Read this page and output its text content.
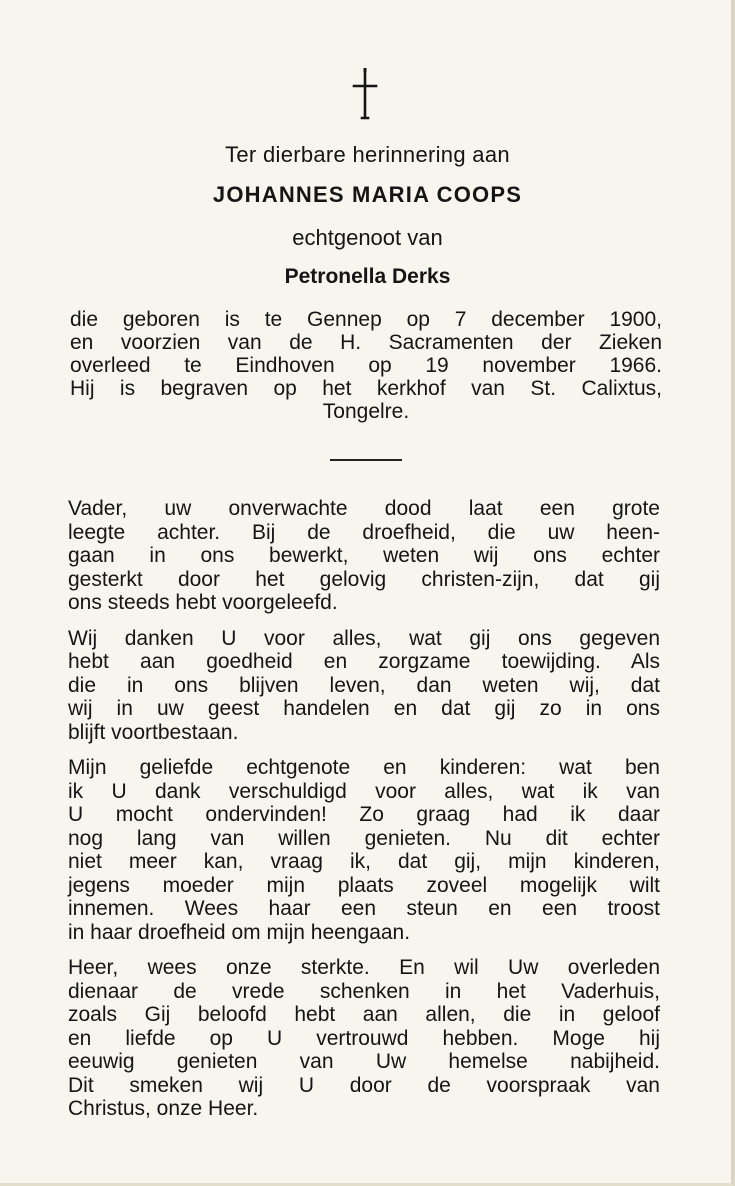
Ter dierbare herinnering aan
JOHANNES MARIA COOPS
echtgenoot van
Petronella Derks
die geboren is te Gennep op 7 december 1900,
en voorzien van de H. Sacramenten der Zieken
overleed te Eindhoven op 19 november 1966.
Hij is begraven op het kerkhof van St. Calixtus,
Tongelre.
Vader, uw onverwachte dood laat een grote
leegte achter. Bij de droefheid, die uw heen-
gaan in ons bewerkt, weten wij ons echter
gesterkt door het gelovig christen-zijn, dat gij
ons steeds hebt voorgeleefd.
Wij danken U voor alles, wat gij ons gegeven
hebt aan goedheid en zorgzame toewijding. Als
die in ons blijven leven, dan weten wij, dat
wij in uw geest handelen en dat gij zo in ons
blijft voortbestaan.
Mijn geliefde echtgenote en kinderen: wat ben
ik U dank verschuldigd voor alles, wat ik van
U mocht ondervinden! Zo graag had ik daar
nog lang van willen genieten. Nu dit echter
niet meer kan, vraag ik, dat gij, mijn kinderen,
jegens moeder mijn plaats zoveel mogelijk wilt
innemen. Wees haar een steun en een troost
in haar droefheid om mijn heengaan.
Heer, wees onze sterkte. En wil Uw overleden
dienaar de vrede schenken in het Vaderhuis,
zoals Gij beloofd hebt aan allen, die in geloof
en liefde op U vertrouwd hebben. Moge hij
eeuwig genieten van Uw hemelse nabijheid.
Dit smeken wij U door de voorspraak van
Christus, onze Heer.
